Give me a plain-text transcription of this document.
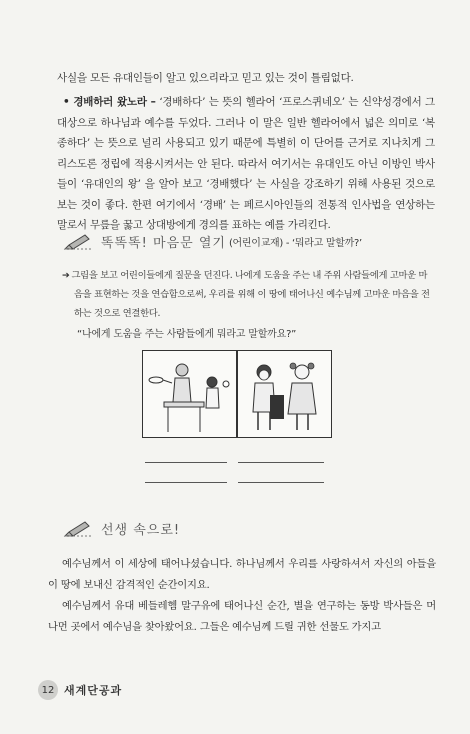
사실을 모든 유대인들이 알고 있으리라고 믿고 있는 것이 틀림없다.

• 경배하러 왔노라 – ‘경배하다’ 는 뜻의 헬라어 ‘프로스퀴네오’ 는 신약성경에서 그 대상으로 하나님과 예수를 두었다. 그러나 이 말은 일반 헬라어에서 넓은 의미로 ‘복종하다’ 는 뜻으로 널리 사용되고 있기 때문에 특별히 이 단어를 근거로 지나치게 그리스도론 정립에 적용시켜서는 안 된다. 따라서 여기서는 유대인도 아닌 이방인 박사들이 ‘유대인의 왕’ 을 알아 보고 ‘경배했다’ 는 사실을 강조하기 위해 사용된 것으로 보는 것이 좋다. 한편 여기에서 ‘경배’ 는 페르시아인들의 전통적 인사법을 연상하는 말로서 무릎을 꿇고 상대방에게 경의를 표하는 예를 가리킨다.

똑똑똑! 마음문 열기 (어린이교재) - ‘뭐라고 말할까?’
➔ 그림을 보고 어린이들에게 질문을 던진다. 나에게 도움을 주는 내 주위 사람들에게 고마운 마
음을 표현하는 것을 연습함으로써, 우리를 위해 이 땅에 태어나신 예수님께 고마운 마음을 전
하는 것으로 연결한다.
“나에게 도움을 주는 사람들에게 뭐라고 말할까요?”
선생 속으로!

예수님께서 이 세상에 태어나셨습니다. 하나님께서 우리를 사랑하셔서 자신의 아들을 이 땅에 보내신 감격적인 순간이지요.

예수님께서 유대 베들레헴 말구유에 태어나신 순간, 별을 연구하는 동방 박사들은 머나먼 곳에서 예수님을 찾아왔어요. 그들은 예수님께 드릴 귀한 선물도 가지고

12 새계단공과
